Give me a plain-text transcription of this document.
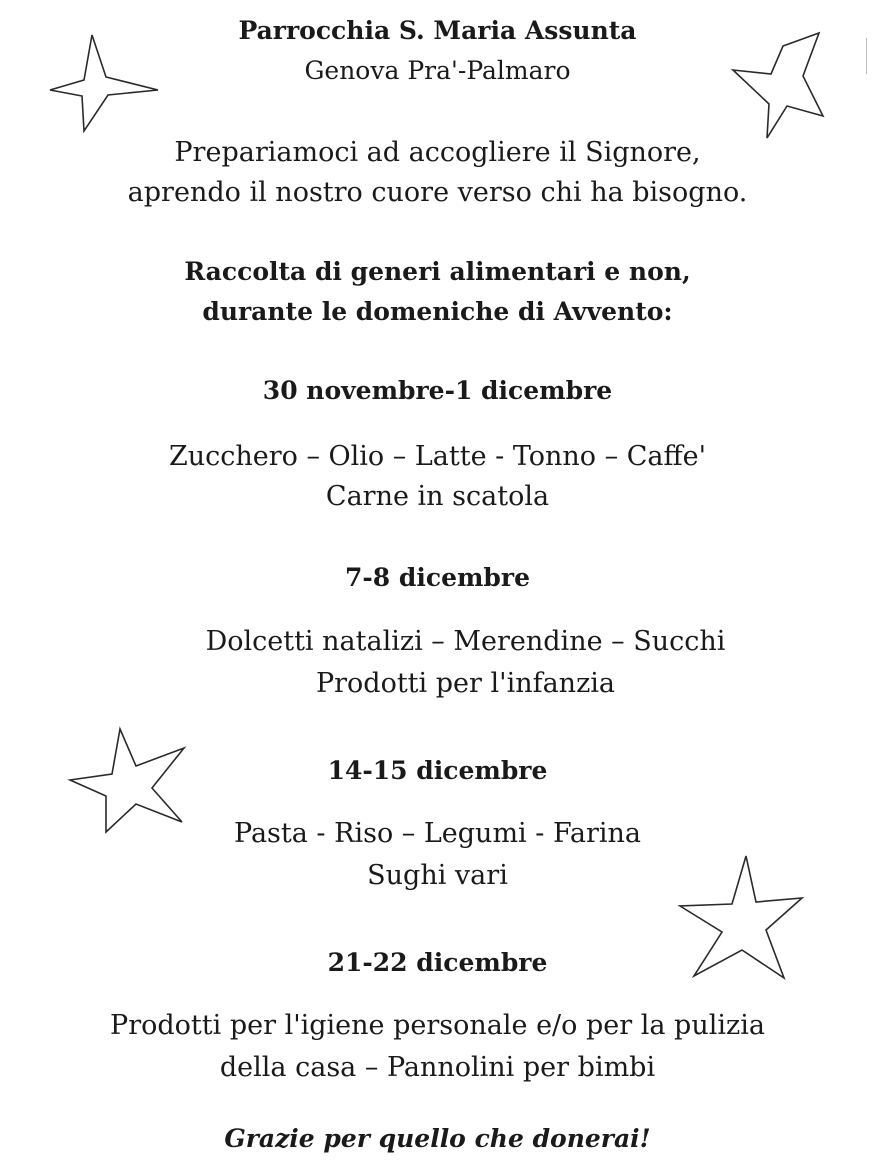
Parrocchia S. Maria Assunta
Genova Pra'-Palmaro
Prepariamoci ad accogliere il Signore,
aprendo il nostro cuore verso chi ha bisogno.
Raccolta di generi alimentari e non,
durante le domeniche di Avvento:
30 novembre-1 dicembre
Zucchero – Olio – Latte - Tonno – Caffe'
Carne in scatola
7-8 dicembre
Dolcetti natalizi – Merendine – Succhi
Prodotti per l'infanzia
14-15 dicembre
Pasta - Riso – Legumi - Farina
Sughi vari
21-22 dicembre
Prodotti per l'igiene personale e/o per la pulizia
della casa – Pannolini per bimbi
Grazie per quello che donerai!
